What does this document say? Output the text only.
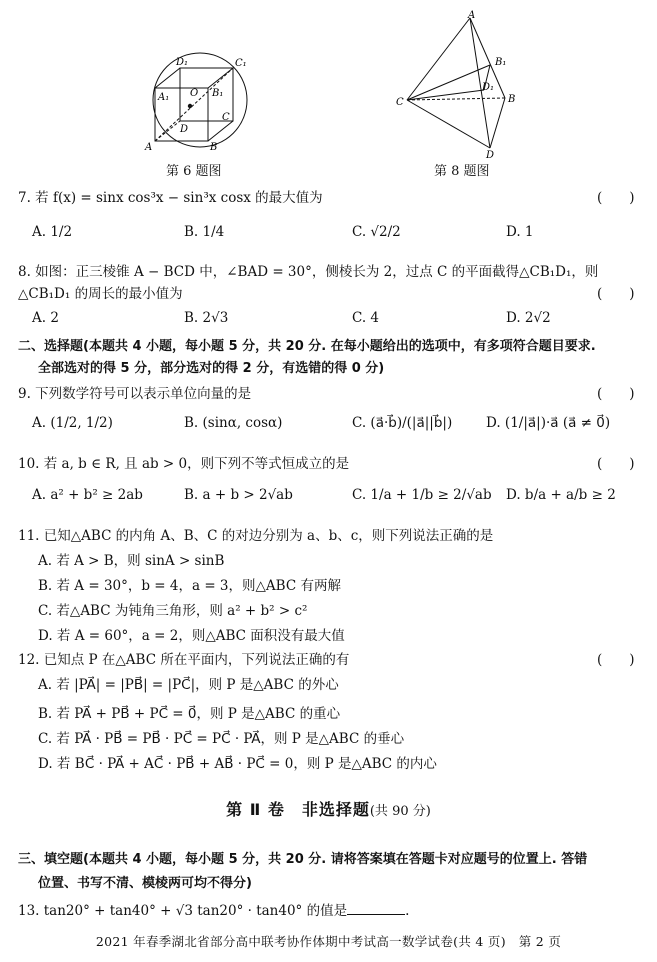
D₁	C₁
A₁	B₁
O
C
D
B
A
第 6 题图
A
B₁
D₁
B
C
D
第 8 题图
7. 若 f(x) = sinx cos³x − sin³x cosx 的最大值为	(　　)
A. 1/2	B. 1/4	C. √2/2	D. 1
8. 如图：正三棱锥 A − BCD 中，∠BAD = 30°，侧棱长为 2，过点 C 的平面截得△CB₁D₁，则
△CB₁D₁ 的周长的最小值为	(　　)
A. 2	B. 2√3	C. 4	D. 2√2
二、选择题(本题共 4 小题，每小题 5 分，共 20 分. 在每小题给出的选项中，有多项符合题目要求.
全部选对的得 5 分，部分选对的得 2 分，有选错的得 0 分)
9. 下列数学符号可以表示单位向量的是	(　　)
A. (1/2, 1/2)	B. (sinα, cosα)	C. (a⃗·b⃗)/(|a⃗||b⃗|)	D. (1/|a⃗|)·a⃗ (a⃗ ≠ 0⃗)
10. 若 a, b ∈ R, 且 ab > 0，则下列不等式恒成立的是	(　　)
A. a² + b² ≥ 2ab	B. a + b > 2√ab	C. 1/a + 1/b ≥ 2/√ab D. b/a + a/b ≥ 2
11. 已知△ABC 的内角 A、B、C 的对边分别为 a、b、c，则下列说法正确的是
A. 若 A > B，则 sinA > sinB
B. 若 A = 30°，b = 4，a = 3，则△ABC 有两解
C. 若△ABC 为钝角三角形，则 a² + b² > c²
D. 若 A = 60°，a = 2，则△ABC 面积没有最大值
12. 已知点 P 在△ABC 所在平面内，下列说法正确的有	(　　)
A. 若 |PA⃗| = |PB⃗| = |PC⃗|，则 P 是△ABC 的外心
B. 若 PA⃗ + PB⃗ + PC⃗ = 0⃗，则 P 是△ABC 的重心
C. 若 PA⃗ · PB⃗ = PB⃗ · PC⃗ = PC⃗ · PA⃗，则 P 是△ABC 的垂心
D. 若 BC⃗ · PA⃗ + AC⃗ · PB⃗ + AB⃗ · PC⃗ = 0，则 P 是△ABC 的内心
第 Ⅱ 卷　非选择题(共 90 分)
三、填空题(本题共 4 小题，每小题 5 分，共 20 分. 请将答案填在答题卡对应题号的位置上. 答错
位置、书写不清、模棱两可均不得分)
13. tan20° + tan40° + √3 tan20° · tan40° 的值是	.
2021 年春季湖北省部分高中联考协作体期中考试高一数学试卷(共 4 页)　第 2 页
